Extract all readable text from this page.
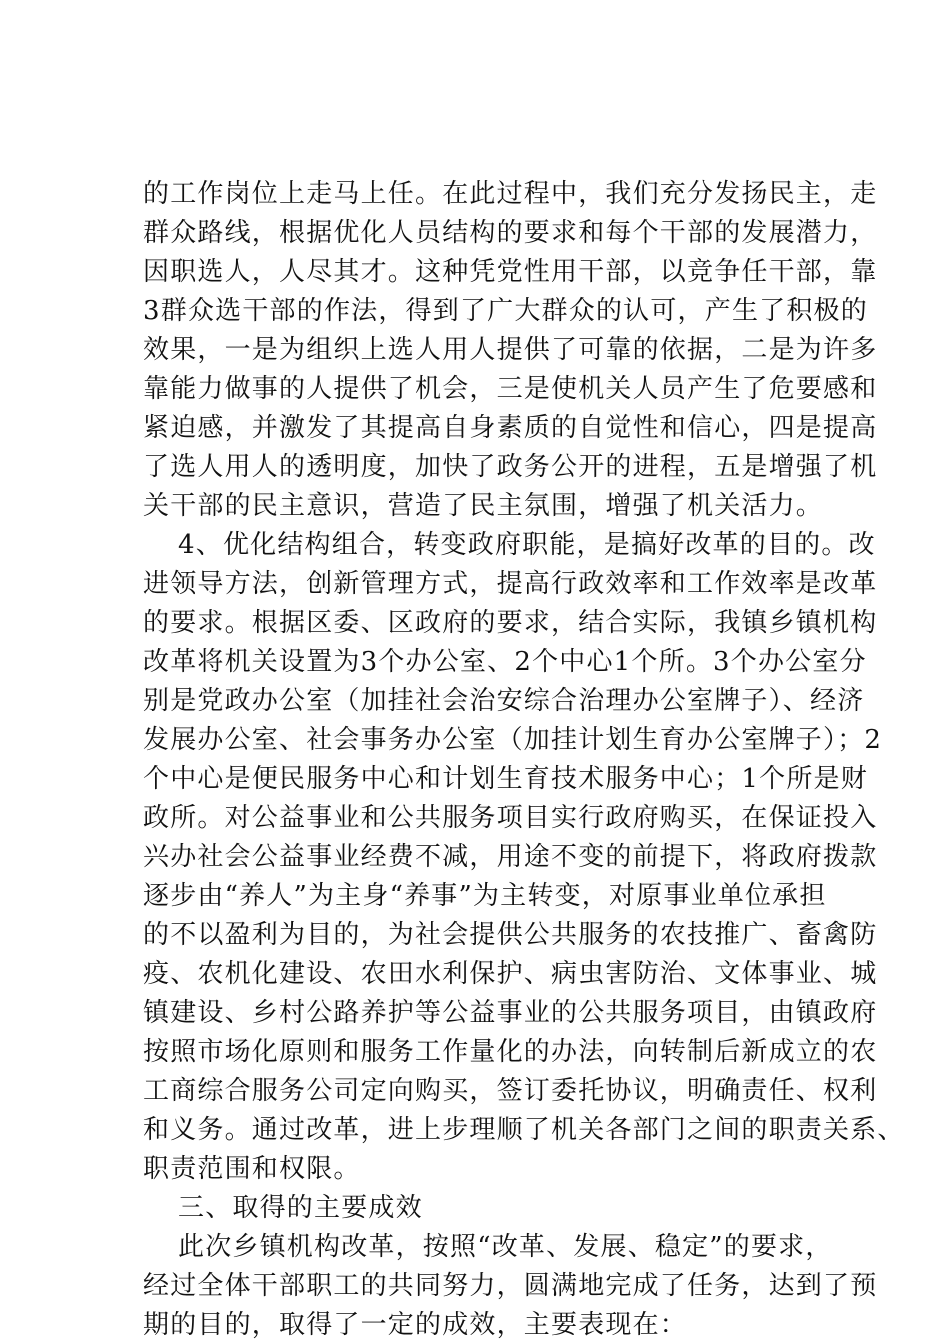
的工作岗位上走马上任。在此过程中，我们充分发扬民主，走
群众路线，根据优化人员结构的要求和每个干部的发展潜力，
因职选人，人尽其才。这种凭党性用干部，以竞争任干部，靠
3群众选干部的作法，得到了广大群众的认可，产生了积极的
效果，一是为组织上选人用人提供了可靠的依据，二是为许多
靠能力做事的人提供了机会，三是使机关人员产生了危要感和
紧迫感，并激发了其提高自身素质的自觉性和信心，四是提高
了选人用人的透明度，加快了政务公开的进程，五是增强了机
关干部的民主意识，营造了民主氛围，增强了机关活力。
4、优化结构组合，转变政府职能，是搞好改革的目的。改
进领导方法，创新管理方式，提高行政效率和工作效率是改革
的要求。根据区委、区政府的要求，结合实际，我镇乡镇机构
改革将机关设置为3个办公室、2个中心1个所。3个办公室分
别是党政办公室（加挂社会治安综合治理办公室牌子）、经济
发展办公室、社会事务办公室（加挂计划生育办公室牌子）；2
个中心是便民服务中心和计划生育技术服务中心；1个所是财
政所。对公益事业和公共服务项目实行政府购买，在保证投入
兴办社会公益事业经费不减，用途不变的前提下，将政府拨款
逐步由“养人”为主身“养事”为主转变，对原事业单位承担
的不以盈利为目的，为社会提供公共服务的农技推广、畜禽防
疫、农机化建设、农田水利保护、病虫害防治、文体事业、城
镇建设、乡村公路养护等公益事业的公共服务项目，由镇政府
按照市场化原则和服务工作量化的办法，向转制后新成立的农
工商综合服务公司定向购买，签订委托协议，明确责任、权利
和义务。通过改革，进上步理顺了机关各部门之间的职责关系、
职责范围和权限。
三、取得的主要成效
此次乡镇机构改革，按照“改革、发展、稳定”的要求，
经过全体干部职工的共同努力，圆满地完成了任务，达到了预
期的目的，取得了一定的成效，主要表现在：
